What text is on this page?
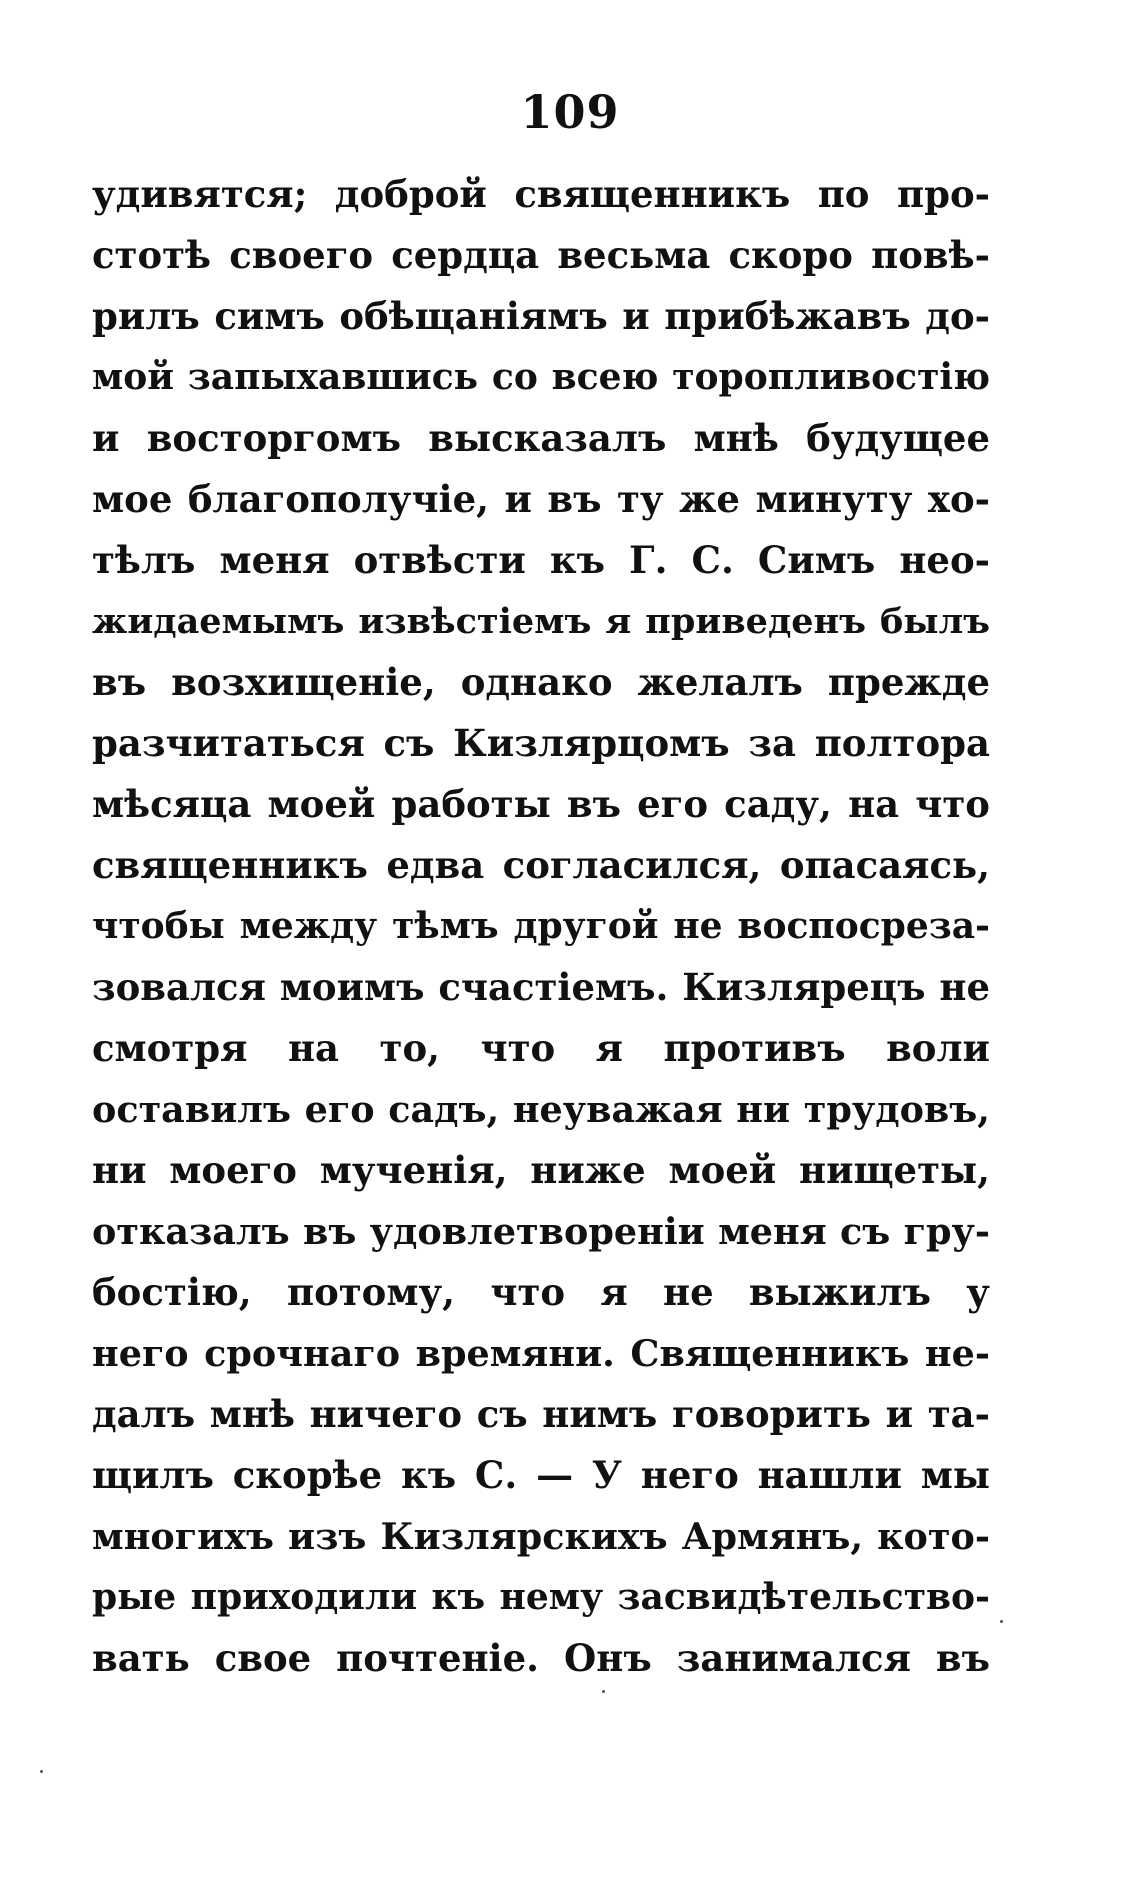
109
удивятся; доброй священникъ по про-
стотѣ своего сердца весьма скоро повѣ-
рилъ симъ обѣщаніямъ и прибѣжавъ до-
мой запыхавшись со всею торопливостію
и восторгомъ высказалъ мнѣ будущее
мое благополучіе, и въ ту же минуту хо-
тѣлъ меня отвѣсти къ Г. С. Симъ нео-
жидаемымъ извѣстіемъ я приведенъ былъ
въ возхищеніе, однако желалъ прежде
разчитаться съ Кизлярцомъ за полтора
мѣсяца моей работы въ его саду, на что
священникъ едва согласился, опасаясь,
чтобы между тѣмъ другой не воспосреза-
зовался моимъ счастіемъ. Кизлярецъ не
смотря на то, что я противъ воли
оставилъ его садъ, неуважая ни трудовъ,
ни моего мученія, ниже моей нищеты,
отказалъ въ удовлетвореніи меня съ гру-
бостію, потому, что я не выжилъ у
него срочнаго времяни. Священникъ не-
далъ мнѣ ничего съ нимъ говорить и та-
щилъ скорѣе къ С. — У него нашли мы
многихъ изъ Кизлярскихъ Армянъ, кото-
рые приходили къ нему засвидѣтельство-
вать свое почтеніе. Онъ занимался въ
